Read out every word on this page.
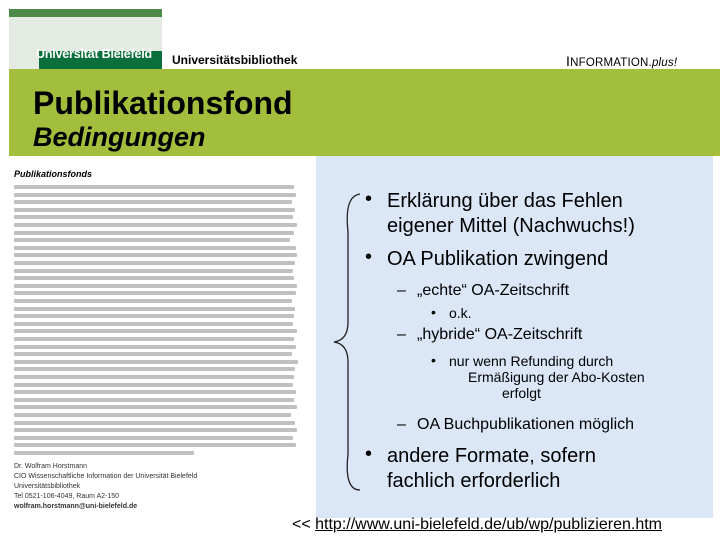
Universität Bielefeld Universitätsbibliothek	INFORMATION.plus!
Publikationsfond
Bedingungen
Publikationsfonds
Dr. Wolfram Horstmann
CIO Wissenschaftliche Information der Universität Bielefeld
Universitätsbibliothek
Tel 0521-106-4049, Raum A2-150
wolfram.horstmann@uni-bielefeld.de
• Erklärung über das Fehlen
eigener Mittel (Nachwuchs!)
• OA Publikation zwingend
– „echte“ OA-Zeitschrift
• o.k.
– „hybride“ OA-Zeitschrift
• nur wenn Refunding durch
Ermäßigung der Abo-Kosten
erfolgt
– OA Buchpublikationen möglich
• andere Formate, sofern
fachlich erforderlich
<< http://www.uni-bielefeld.de/ub/wp/publizieren.htm
